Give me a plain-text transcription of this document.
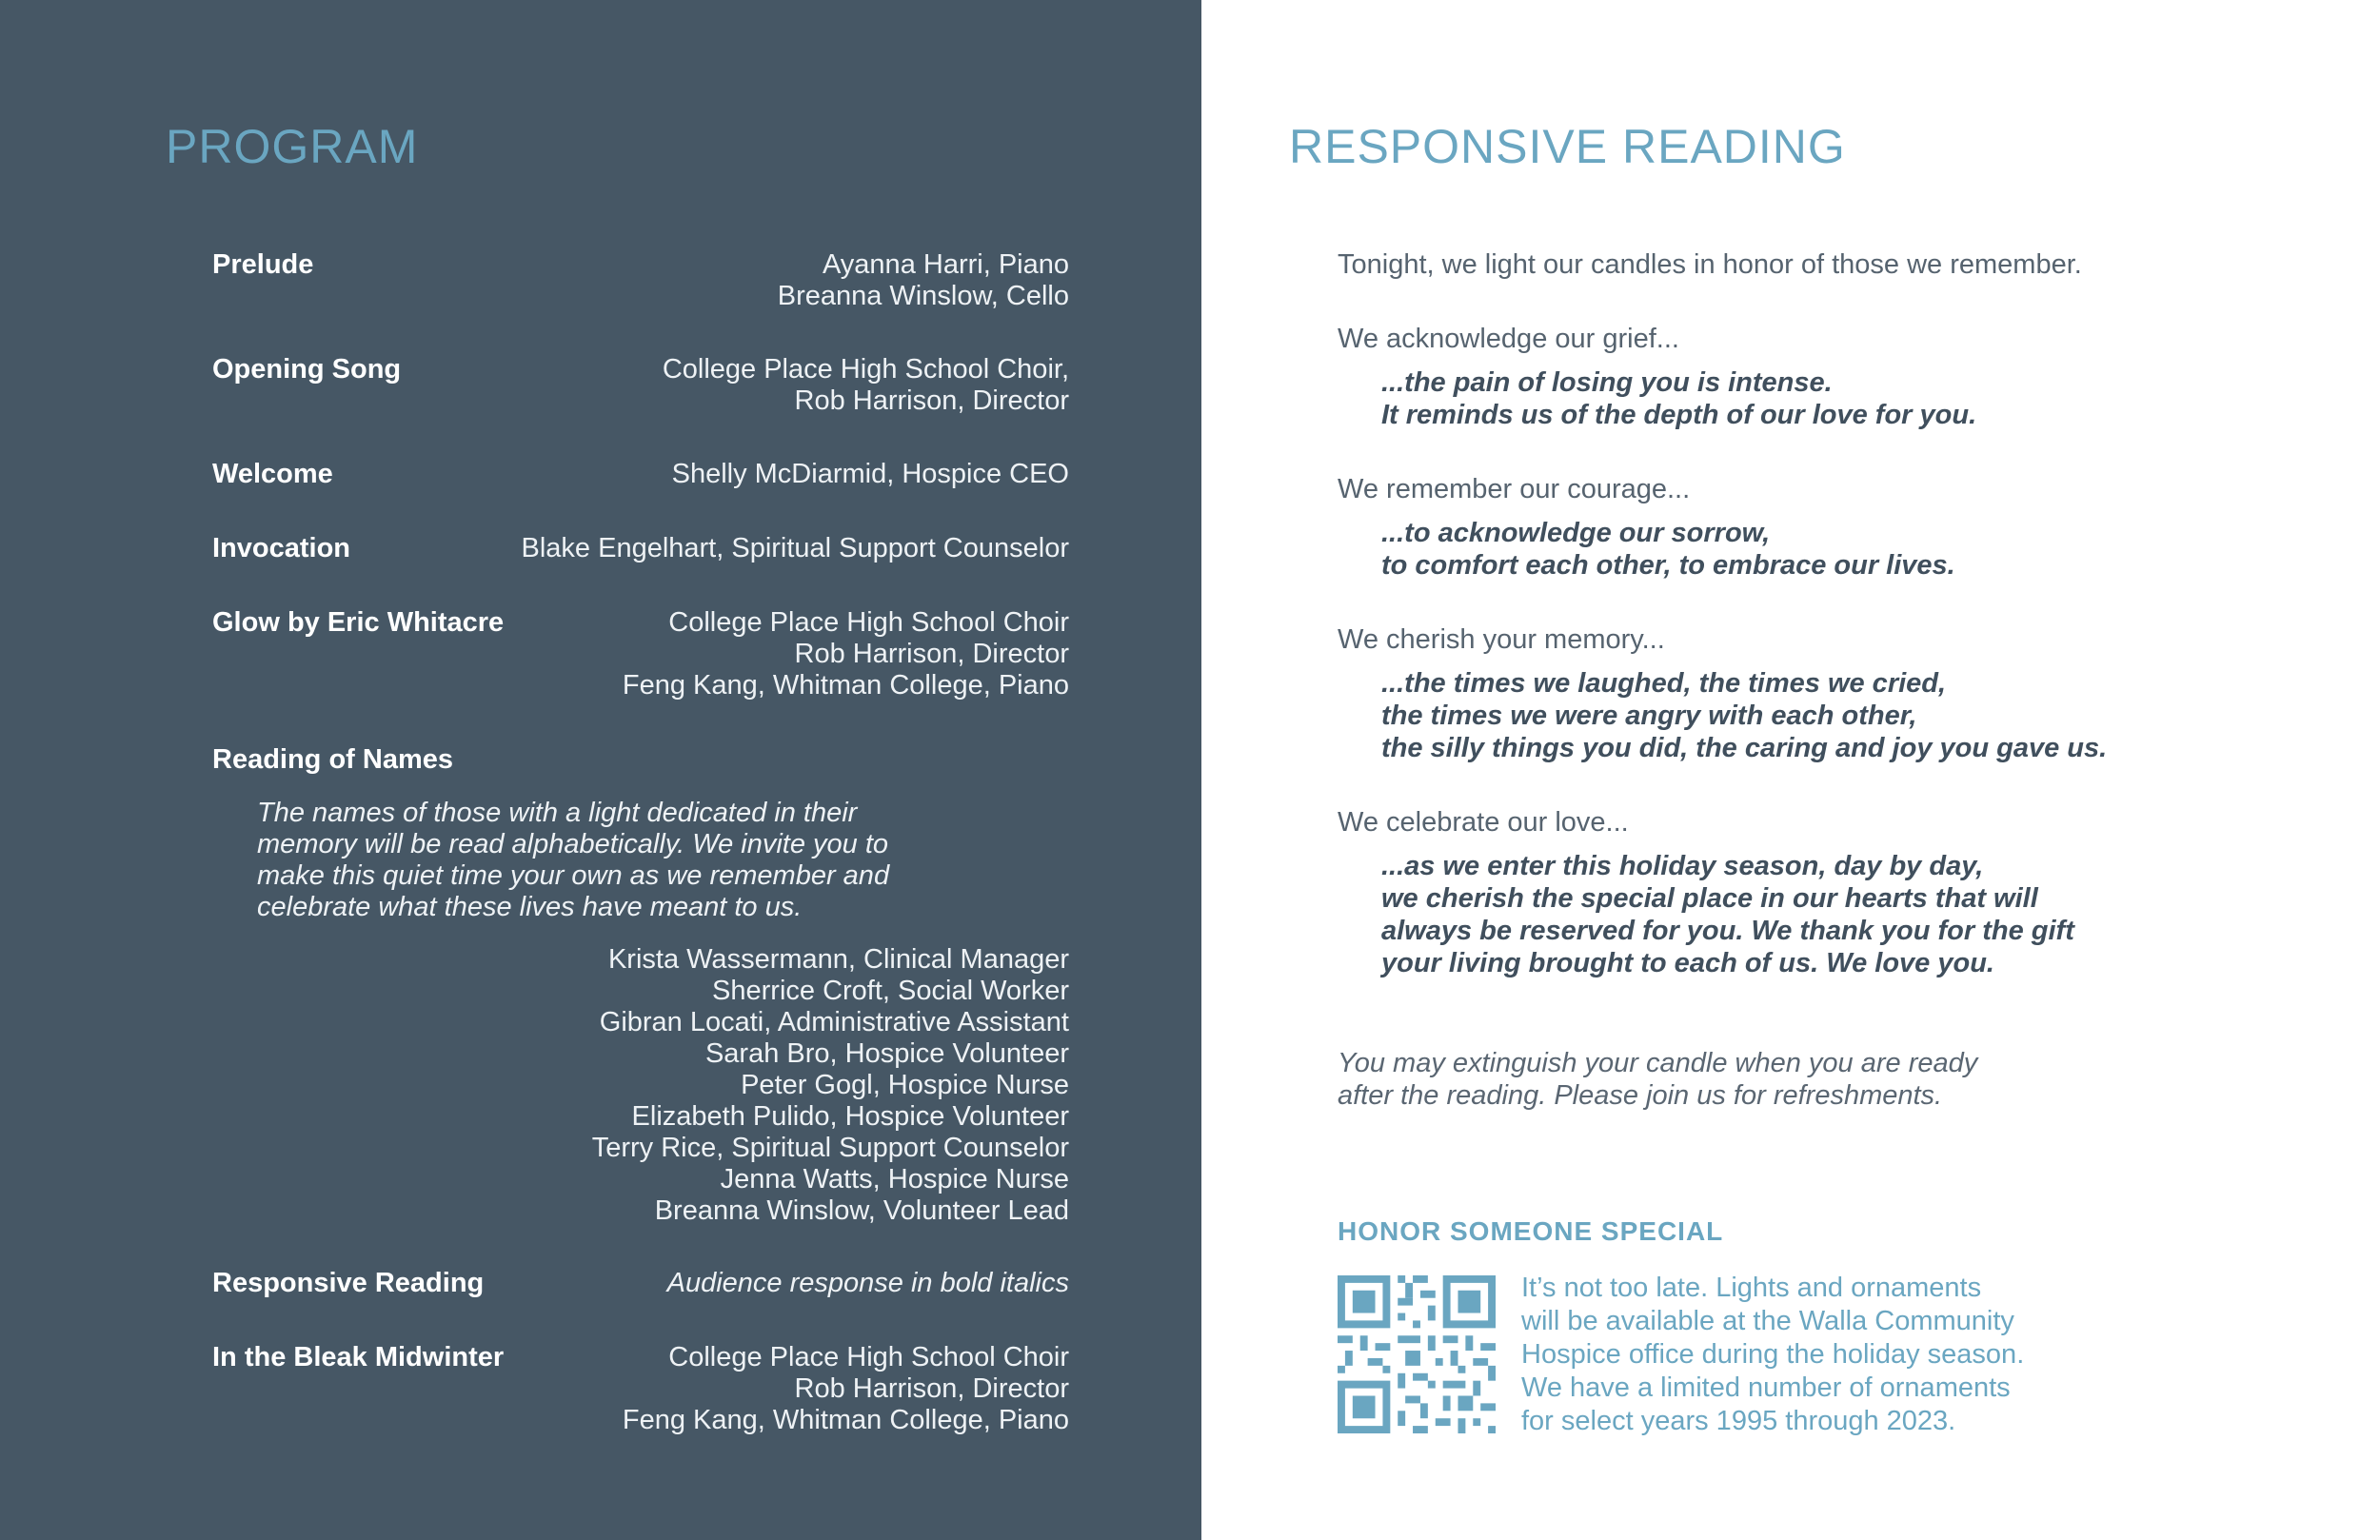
PROGRAM
Prelude	Ayanna Harri, Piano
Breanna Winslow, Cello
Opening Song	College Place High School Choir,
Rob Harrison, Director
Welcome	Shelly McDiarmid, Hospice CEO
Invocation	Blake Engelhart, Spiritual Support Counselor
Glow by Eric Whitacre	College Place High School Choir
Rob Harrison, Director
Feng Kang, Whitman College, Piano
Reading of Names
The names of those with a light dedicated in their
memory will be read alphabetically. We invite you to
make this quiet time your own as we remember and
celebrate what these lives have meant to us.
Krista Wassermann, Clinical Manager
Sherrice Croft, Social Worker
Gibran Locati, Administrative Assistant
Sarah Bro, Hospice Volunteer
Peter Gogl, Hospice Nurse
Elizabeth Pulido, Hospice Volunteer
Terry Rice, Spiritual Support Counselor
Jenna Watts, Hospice Nurse
Breanna Winslow, Volunteer Lead
Responsive Reading	Audience response in bold italics
In the Bleak Midwinter	College Place High School Choir
Rob Harrison, Director
Feng Kang, Whitman College, Piano
RESPONSIVE READING
Tonight, we light our candles in honor of those we remember.
We acknowledge our grief...
...the pain of losing you is intense.
It reminds us of the depth of our love for you.
We remember our courage...
...to acknowledge our sorrow,
to comfort each other, to embrace our lives.
We cherish your memory...
...the times we laughed, the times we cried,
the times we were angry with each other,
the silly things you did, the caring and joy you gave us.
We celebrate our love...
...as we enter this holiday season, day by day,
we cherish the special place in our hearts that will
always be reserved for you. We thank you for the gift
your living brought to each of us. We love you.
You may extinguish your candle when you are ready
after the reading. Please join us for refreshments.
HONOR SOMEONE SPECIAL
It’s not too late. Lights and ornaments
will be available at the Walla Community
Hospice office during the holiday season.
We have a limited number of ornaments
for select years 1995 through 2023.
